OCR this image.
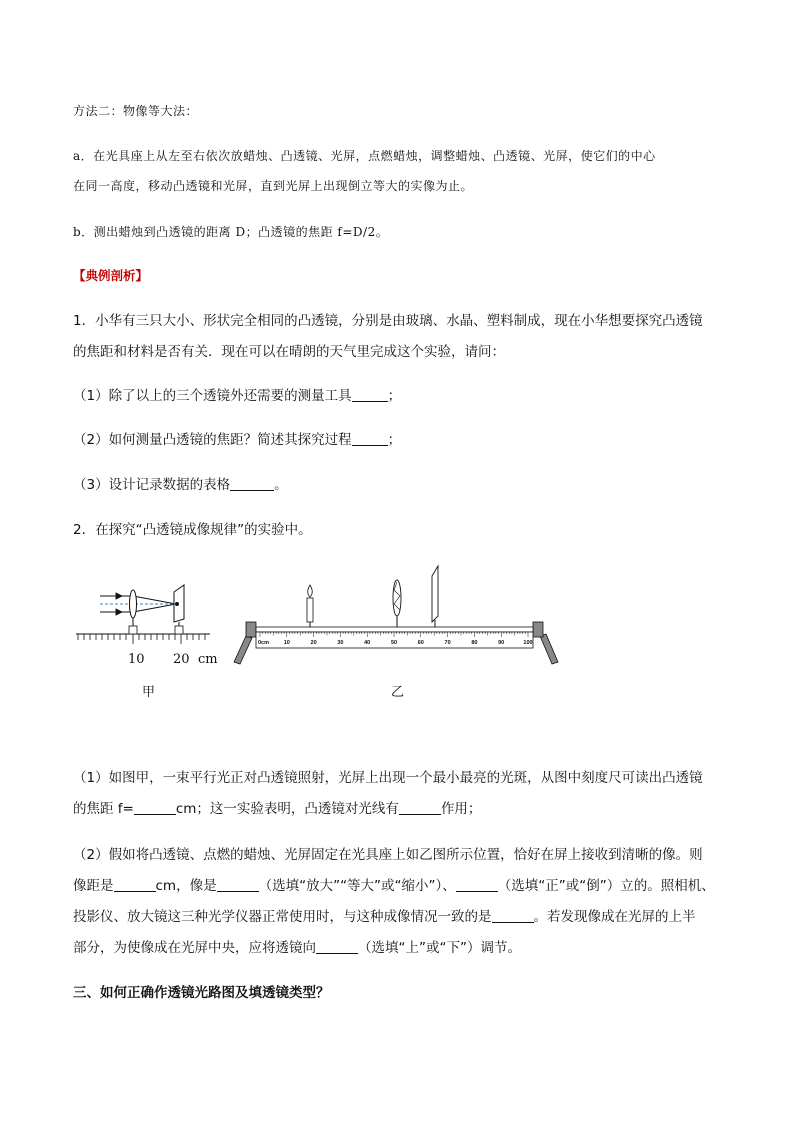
方法二：物像等大法：
a．在光具座上从左至右依次放蜡烛、凸透镜、光屏，点燃蜡烛，调整蜡烛、凸透镜、光屏，使它们的中心
在同一高度，移动凸透镜和光屏，直到光屏上出现倒立等大的实像为止。
b．测出蜡烛到凸透镜的距离 D；凸透镜的焦距 f=D/2。
【典例剖析】
1．小华有三只大小、形状完全相同的凸透镜，分别是由玻璃、水晶、塑料制成，现在小华想要探究凸透镜
的焦距和材料是否有关．现在可以在晴朗的天气里完成这个实验，请问：
（1）除了以上的三个透镜外还需要的测量工具	；
（2）如何测量凸透镜的焦距？简述其探究过程	；
（3）设计记录数据的表格	。
2．在探究“凸透镜成像规律”的实验中。
0cm	10	20	30	40	50	60	70	80	90	100
10 20 cm
甲	乙
（1）如图甲，一束平行光正对凸透镜照射，光屏上出现一个最小最亮的光斑，从图中刻度尺可读出凸透镜
的焦距 f=	cm；这一实验表明，凸透镜对光线有	作用；
（2）假如将凸透镜、点燃的蜡烛、光屏固定在光具座上如乙图所示位置，恰好在屏上接收到清晰的像。则
像距是	cm，像是	（选填“放大”“等大”或“缩小”）、	（选填“正”或“倒”）立的。照相机、
投影仪、放大镜这三种光学仪器正常使用时，与这种成像情况一致的是	。若发现像成在光屏的上半
部分，为使像成在光屏中央，应将透镜向	（选填“上”或“下”）调节。
三、如何正确作透镜光路图及填透镜类型？
